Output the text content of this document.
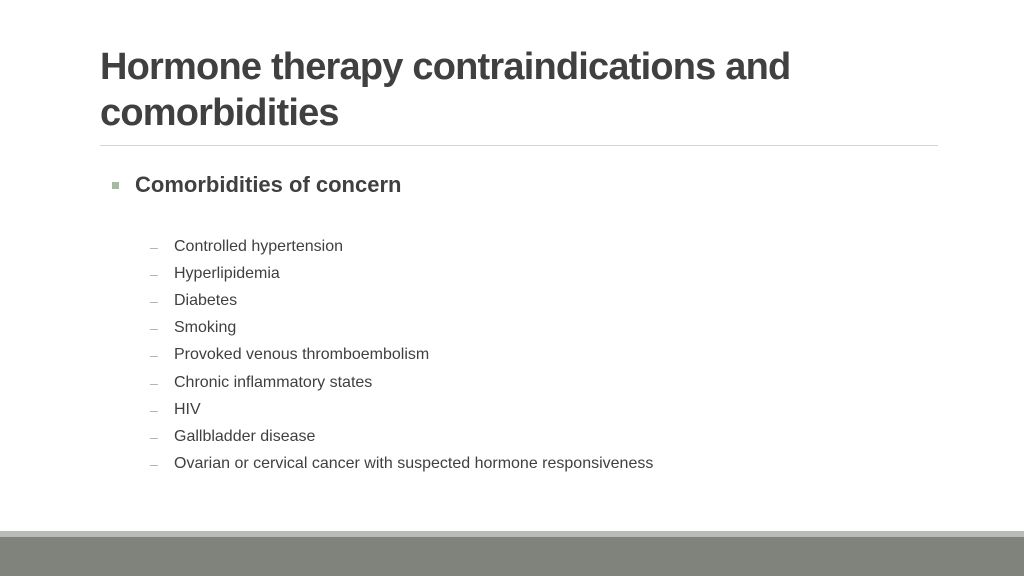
Hormone therapy contraindications and comorbidities
Comorbidities of concern
–	Controlled hypertension
–	Hyperlipidemia
–	Diabetes
–	Smoking
–	Provoked venous thromboembolism
–	Chronic inflammatory states
–	HIV
–	Gallbladder disease
–	Ovarian or cervical cancer with suspected hormone responsiveness
